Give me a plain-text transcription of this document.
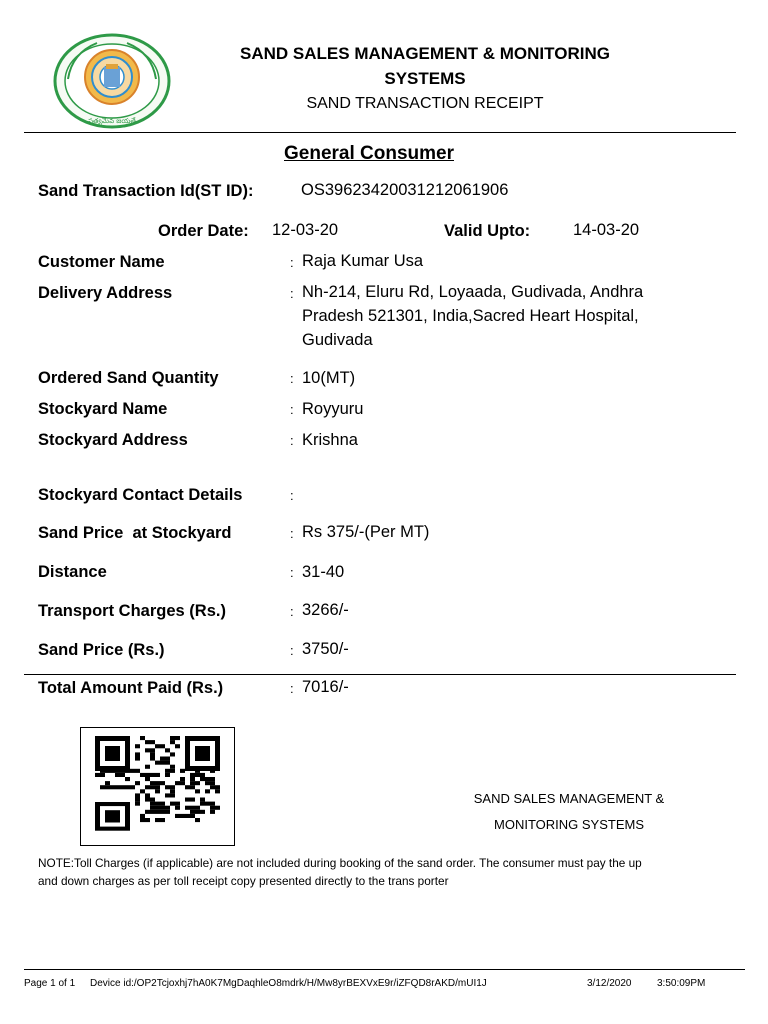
సత్యమేవ జయతే
SAND SALES MANAGEMENT & MONITORING
SYSTEMS
SAND TRANSACTION RECEIPT
General Consumer
Sand Transaction Id(ST ID):	OS39623420031212061906
Order Date: 12-03-20	Valid Upto:	14-03-20
Customer Name	: Raja Kumar Usa
Delivery Address	: Nh-214, Eluru Rd, Loyaada, Gudivada, Andhra
Pradesh 521301, India,Sacred Heart Hospital,
Gudivada
Ordered Sand Quantity	: 10(MT)
Stockyard Name	: Royyuru
Stockyard Address	: Krishna
Stockyard Contact Details	:
Sand Price  at Stockyard	: Rs 375/-(Per MT)
Distance	: 31-40
Transport Charges (Rs.)	: 3266/-
Sand Price (Rs.)	: 3750/-
Total Amount Paid (Rs.)	: 7016/-
SAND SALES MANAGEMENT &
MONITORING SYSTEMS
NOTE:Toll Charges (if applicable) are not included during booking of the sand order. The consumer must pay the up and down charges as per toll receipt copy presented directly to the trans porter
Page 1 of 1 Device id:/OP2Tcjoxhj7hA0K7MgDaqhleO8mdrk/H/Mw8yrBEXVxE9r/iZFQD8rAKD/mUI1J	3/12/2020	3:50:09PM
